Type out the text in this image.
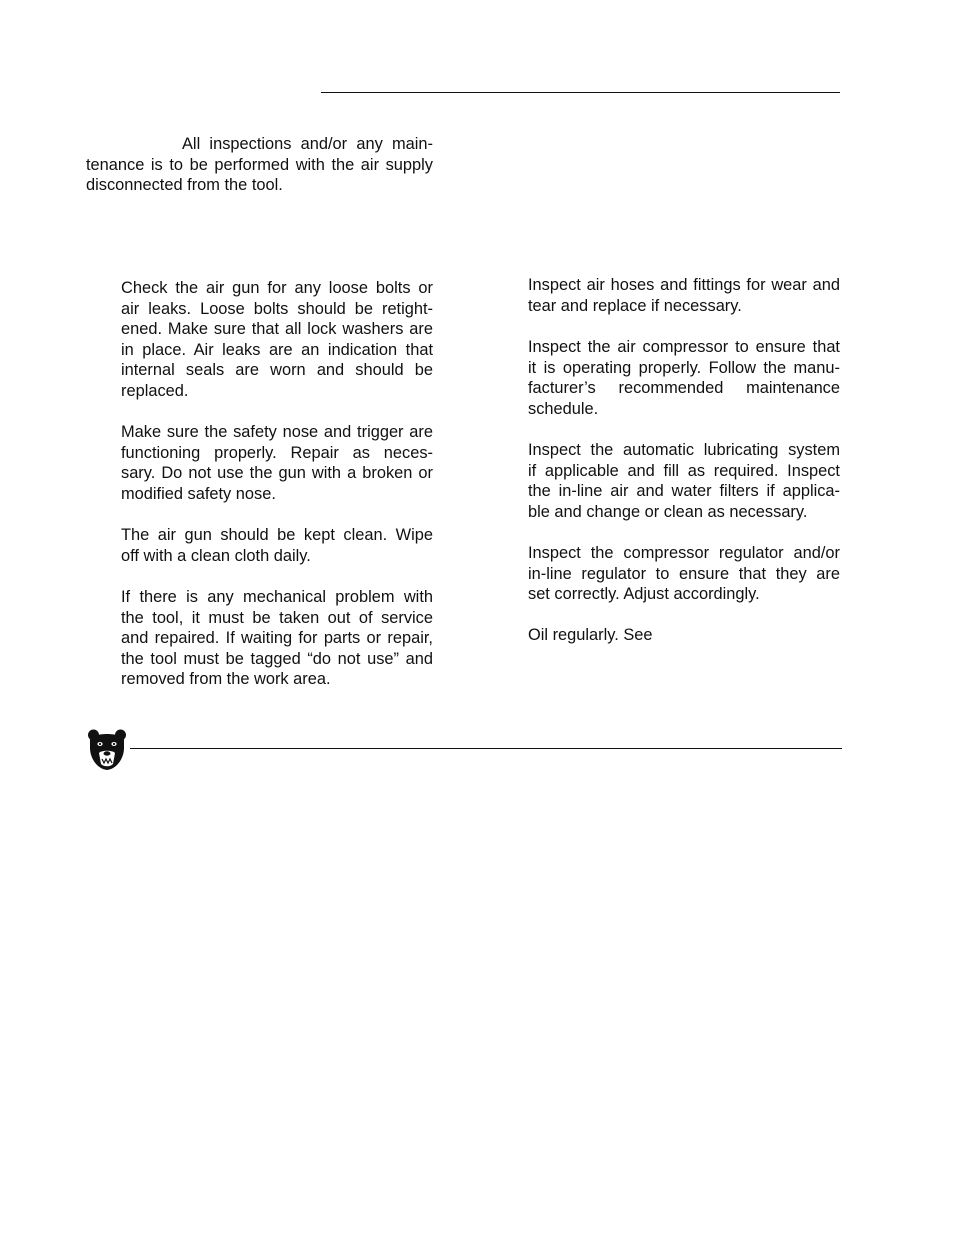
All inspections and/or any main-
tenance is to be performed with the air supply
disconnected from the tool.

Check the air gun for any loose bolts or
air leaks. Loose bolts should be retight-
ened. Make sure that all lock washers are
in place. Air leaks are an indication that
internal seals are worn and should be
replaced.

Make sure the safety nose and trigger are
functioning properly. Repair as neces-
sary. Do not use the gun with a broken or
modified safety nose.

The air gun should be kept clean. Wipe
off with a clean cloth daily.

If there is any mechanical problem with
the tool, it must be taken out of service
and repaired. If waiting for parts or repair,
the tool must be tagged “do not use” and
removed from the work area.

Inspect air hoses and fittings for wear and
tear and replace if necessary.

Inspect the air compressor to ensure that
it is operating properly. Follow the manu-
facturer’s recommended maintenance
schedule.

Inspect the automatic lubricating system
if applicable and fill as required. Inspect
the in-line air and water filters if applica-
ble and change or clean as necessary.

Inspect the compressor regulator and/or
in-line regulator to ensure that they are
set correctly. Adjust accordingly.

Oil regularly. See
